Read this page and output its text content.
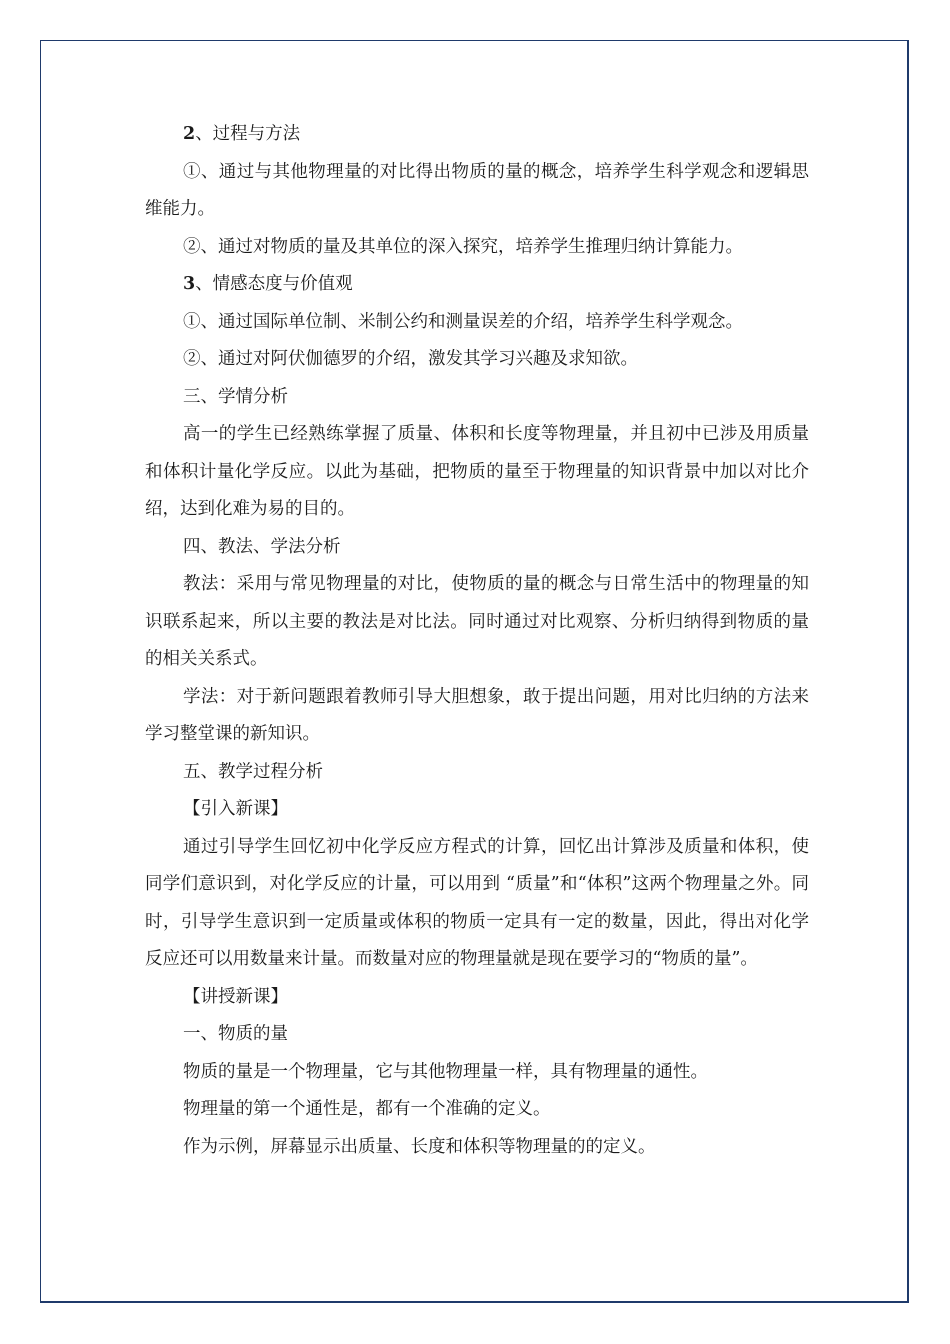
2、过程与方法

①、通过与其他物理量的对比得出物质的量的概念，培养学生科学观念和逻辑思维能力。

②、通过对物质的量及其单位的深入探究，培养学生推理归纳计算能力。

3、情感态度与价值观

①、通过国际单位制、米制公约和测量误差的介绍，培养学生科学观念。

②、通过对阿伏伽德罗的介绍，激发其学习兴趣及求知欲。

三、学情分析

高一的学生已经熟练掌握了质量、体积和长度等物理量，并且初中已涉及用质量和体积计量化学反应。以此为基础，把物质的量至于物理量的知识背景中加以对比介绍，达到化难为易的目的。

四、教法、学法分析

教法：采用与常见物理量的对比，使物质的量的概念与日常生活中的物理量的知识联系起来，所以主要的教法是对比法。同时通过对比观察、分析归纳得到物质的量的相关关系式。

学法：对于新问题跟着教师引导大胆想象，敢于提出问题，用对比归纳的方法来学习整堂课的新知识。

五、教学过程分析

【引入新课】

通过引导学生回忆初中化学反应方程式的计算，回忆出计算涉及质量和体积，使同学们意识到，对化学反应的计量，可以用到 “质量”和“体积”这两个物理量之外。同时，引导学生意识到一定质量或体积的物质一定具有一定的数量，因此，得出对化学反应还可以用数量来计量。而数量对应的物理量就是现在要学习的“物质的量”。

【讲授新课】

一、物质的量

物质的量是一个物理量，它与其他物理量一样，具有物理量的通性。

物理量的第一个通性是，都有一个准确的定义。

作为示例，屏幕显示出质量、长度和体积等物理量的的定义。
